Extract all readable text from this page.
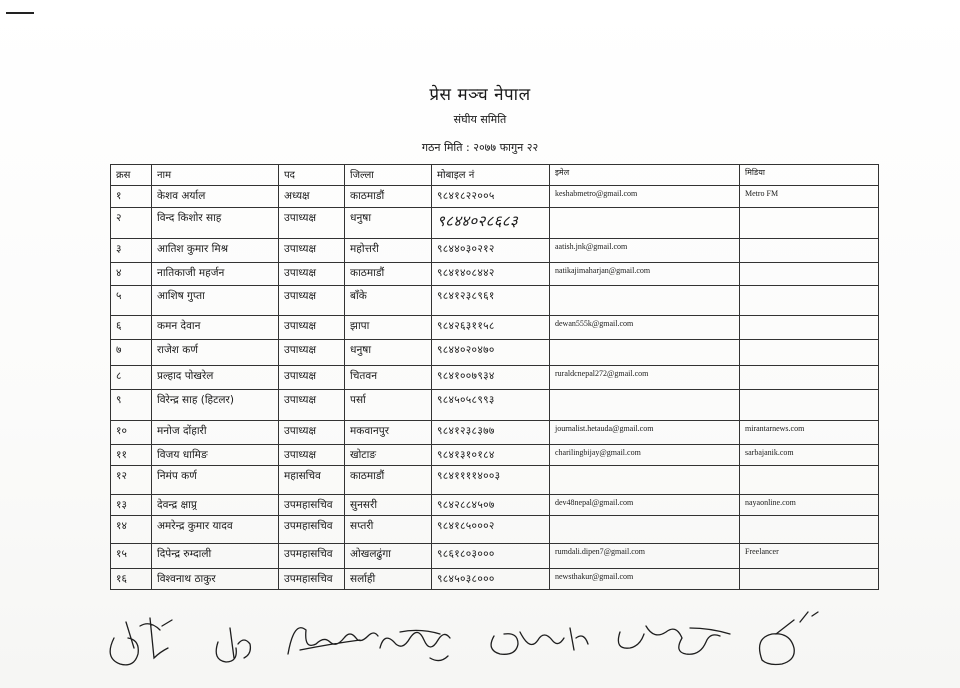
प्रेस मञ्च नेपाल
संघीय समिति
गठन मिति : २०७७ फागुन २२
क्रस	नाम	पद	जिल्ला	मोबाइल नं	इमेल	मिडिया
१	केशव अर्याल	अध्यक्ष	काठमाडौं	९८४१८२२००५	keshabmetro@gmail.com	Metro FM
२	विन्द किशोर साह	उपाध्यक्ष	धनुषा	९८४४०२८६८३		
३	आतिश कुमार मिश्र	उपाध्यक्ष	महोत्तरी	९८४४०३०२१२	aatish.jnk@gmail.com	
४	नातिकाजी महर्जन	उपाध्यक्ष	काठमाडौं	९८४१४०८४४२	natikajimaharjan@gmail.com	
५	आशिष गुप्ता	उपाध्यक्ष	बाँके	९८४१२३८९६१		
६	कमन देवान	उपाध्यक्ष	झापा	९८४२६३११५८	dewan555k@gmail.com	
७	राजेश कर्ण	उपाध्यक्ष	धनुषा	९८४४०२०४७०		
८	प्रल्हाद पोखरेल	उपाध्यक्ष	चितवन	९८४१००७९३४	ruraldcnepal272@gmail.com	
९	विरेन्द्र साह (हिटलर)	उपाध्यक्ष	पर्सा	९८४५०५८९९३		
१०	मनोज दोंहारी	उपाध्यक्ष	मकवानपुर	९८४१२३८३७७	journalist.hetauda@gmail.com	mirantarnews.com
११	विजय धामिङ	उपाध्यक्ष	खोटाङ	९८४१३१०१८४	charilingbijay@gmail.com	sarbajanik.com
१२	निमंप कर्ण	महासचिव	काठमाडौं	९८४११११४००३		
१३	देवन्द्र क्षाप्र्र	उपमहासचिव	सुनसरी	९८४२८८४५०७	dev48nepal@gmail.com	nayaonline.com
१४	अमरेन्द्र कुमार यादव	उपमहासचिव	सप्तरी	९८४१८५०००२		
१५	दिपेन्द्र रुम्दाली	उपमहासचिव	ओखलढुंगा	९८६१८०३०००	rumdali.dipen7@gmail.com	Freelancer
१६	विश्वनाथ ठाकुर	उपमहासचिव	सर्लाही	९८४५०३८०००	newsthakur@gmail.com	
